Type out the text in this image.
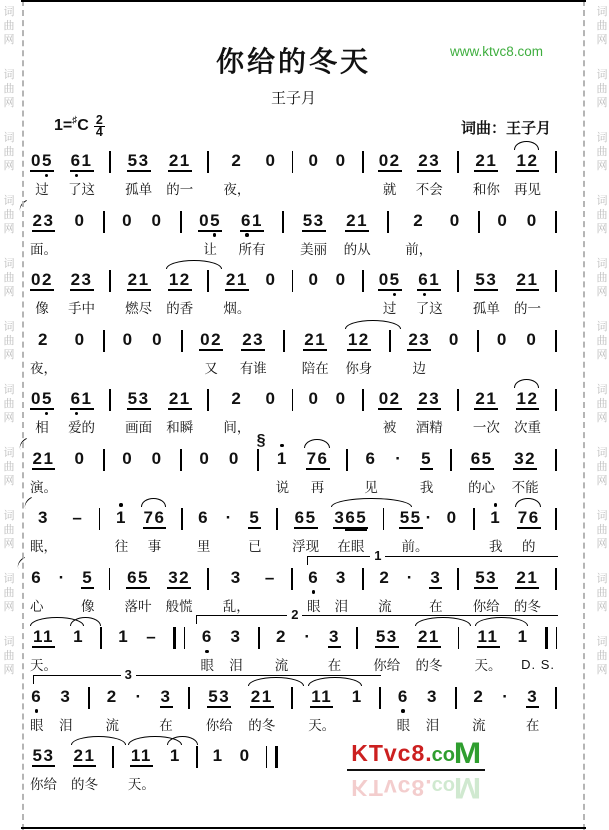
词
曲
网
词
曲
网
词
曲
网
词
曲
网
词
曲
网
词
曲
网
词
曲
网
词
曲
网
词
曲
网
词
曲
网
词
曲
网
词
曲
网
词
曲
网
词
曲
网
词
曲
网
词
曲
网
词
曲
网
词
曲
网
词
曲
网
词
曲
网
词
曲
网
词
曲
网
www.ktvc8.com
你给的冬天
王子月
1=♯ C $\frac{2}{4}$	词曲：王子月
05
过
61
了这
53
孤单
21
的一
2
夜，
0 0 0 02
就
23
不会
21
和你
12
再见
23
面。
0 0 0 05
让
61
所有
53
美丽
21
的从
2
前，
0 0 0
02
像
23
手中
21
燃尽
12
的香
21
烟。
0 0 0 05
过
61
了这
53
孤单
21
的一
2
夜，
0 0 0 02
又
23
有谁
21
陪在
12
你身
23
边
0 0 0
05
相
61
爱的
53
画面
21
和瞬
2
间，
0 0 0 02
被
23
酒精
21
一次
12
次重
§
21
演。
0 0 0 0 0 1
说
76
再
6
见
· 5
我
65
的心
32
不能
3
眠，
– 1
往
76
事
6
里
· 5
已
65
浮现
365
在眼
55 ·
前。
0 1
我
76
的
1
6
心
· 5
像
65
落叶
32
般慌
3
乱，
– 6
眼
3
泪
2
流
· 3
在
53
你给
21
的冬
2
11
天。
1 1 –	6
眼
3
泪
2
流
· 3
在
53
你给
21
的冬
11
天。
1
D. S.
3
6
眼
3
泪
2
流
· 3
在
53
你给
21
的冬
11
天。
1 6
眼
3
泪
2
流
· 3
在
53
你给
21
的冬
11
天。
1 1 0	KTvc8.coM
KTvc8.coM
